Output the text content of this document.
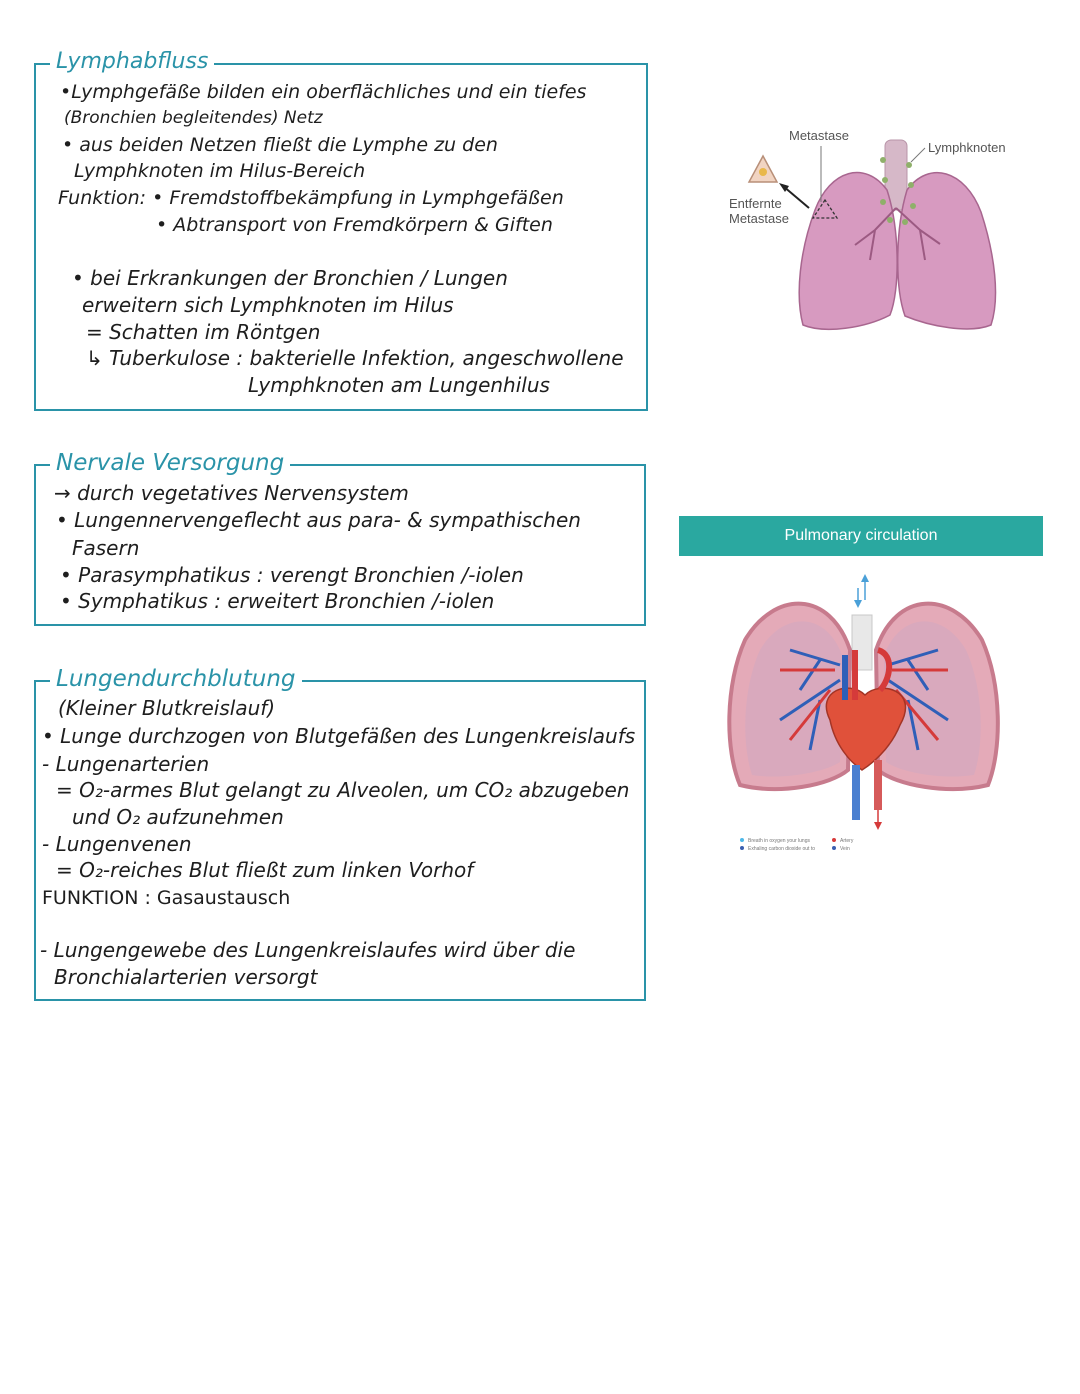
Lymphabfluss
•Lymphgefäße bilden ein oberflächliches und ein tiefes
(Bronchien begleitendes) Netz
• aus beiden Netzen fließt die Lymphe zu den
Lymphknoten im Hilus-Bereich
Funktion: • Fremdstoffbekämpfung in Lymphgefäßen
• Abtransport von Fremdkörpern & Giften
• bei Erkrankungen der Bronchien / Lungen
erweitern sich Lymphknoten im Hilus
= Schatten im Röntgen
↳ Tuberkulose : bakterielle Infektion, angeschwollene
Lymphknoten am Lungenhilus
Nervale Versorgung
→ durch vegetatives Nervensystem
• Lungennervengeflecht aus para- & sympathischen
Fasern
• Parasymphatikus : verengt Bronchien /-iolen
• Symphatikus : erweitert Bronchien /-iolen
Lungendurchblutung
(Kleiner Blutkreislauf)
• Lunge durchzogen von Blutgefäßen des Lungenkreislaufs
- Lungenarterien
= O₂-armes Blut gelangt zu Alveolen, um CO₂ abzugeben
und O₂ aufzunehmen
- Lungenvenen
= O₂-reiches Blut fließt zum linken Vorhof
FUNKTION : Gasaustausch
- Lungengewebe des Lungenkreislaufes wird über die
Bronchialarterien versorgt
Metastase
Lymphknoten
Entfernte
Metastase
Pulmonary circulation
Breath in oxygen your lungs
Exhaling carbon dioxide out to
Artery
Vein
